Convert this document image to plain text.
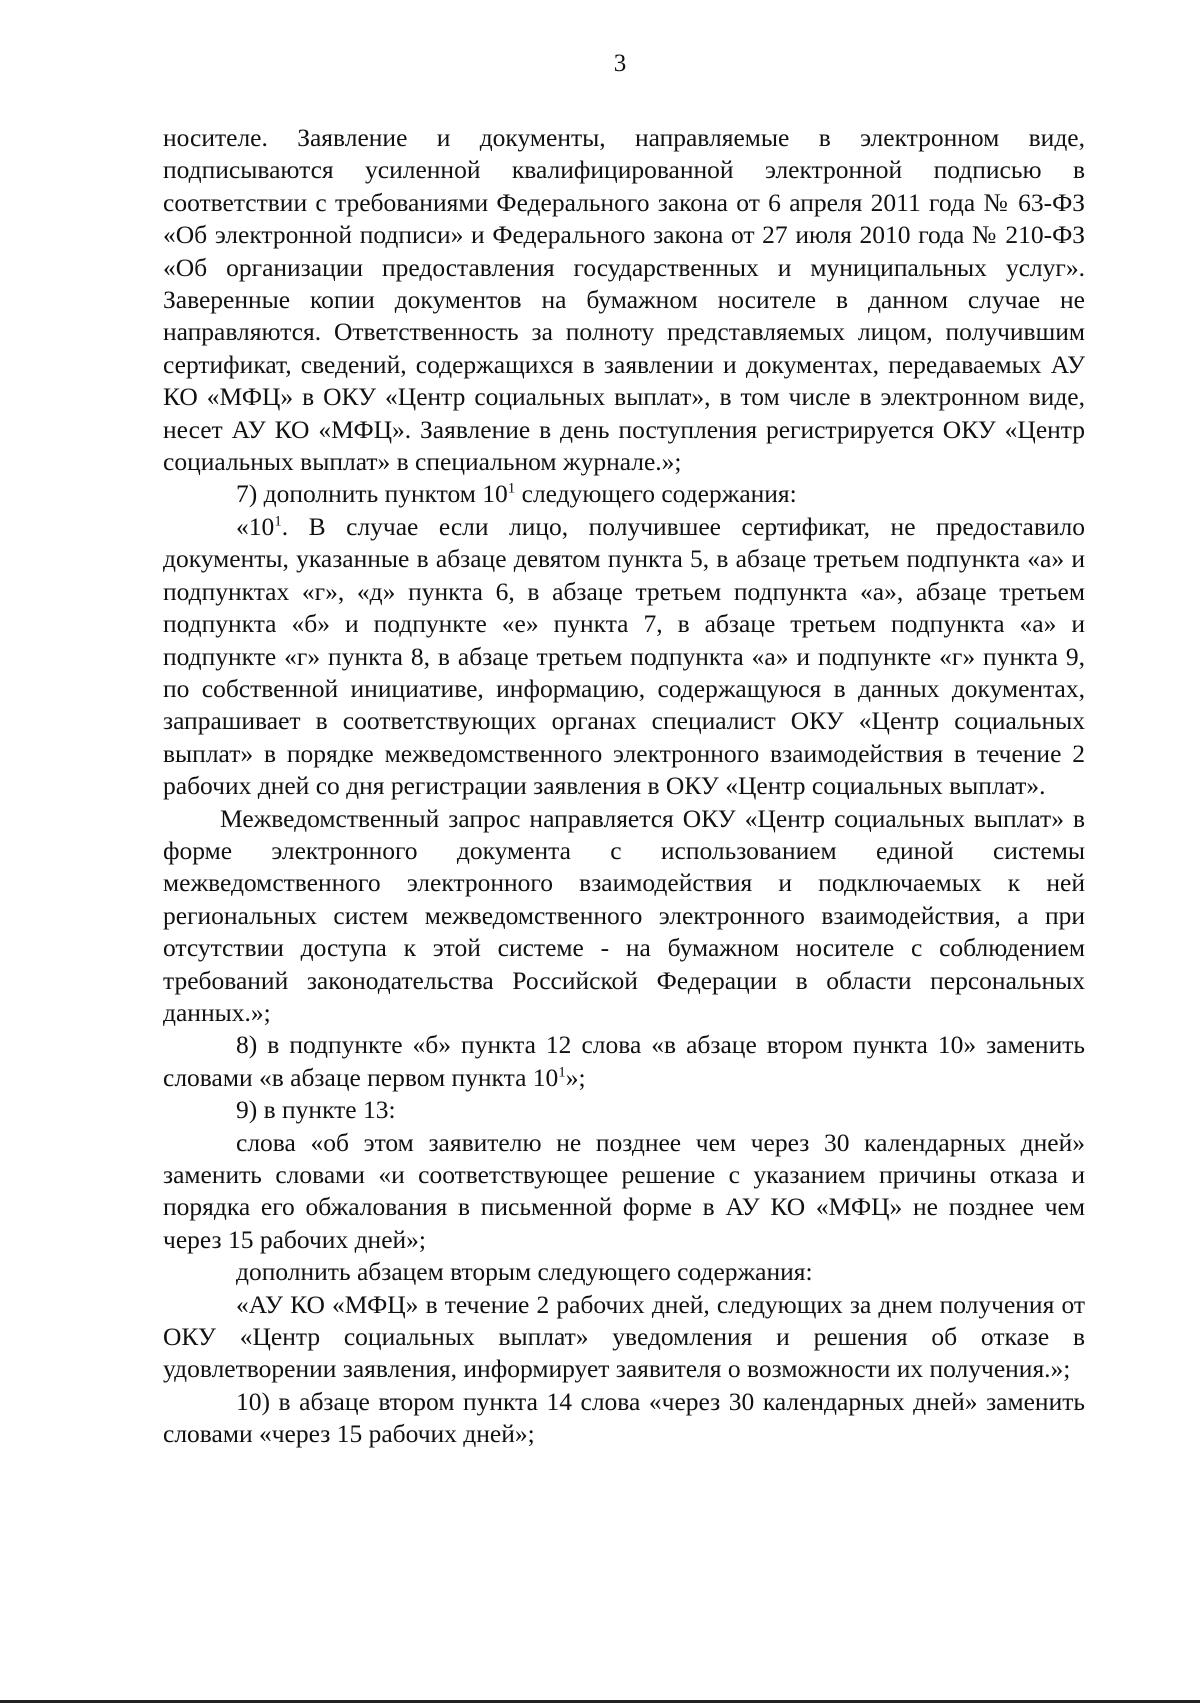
3

носителе. Заявление и документы, направляемые в электронном виде, подписываются усиленной квалифицированной электронной подписью в соответствии с требованиями Федерального закона от 6 апреля 2011 года № 63-ФЗ «Об электронной подписи» и Федерального закона от 27 июля 2010 года № 210-ФЗ «Об организации предоставления государственных и муниципальных услуг». Заверенные копии документов на бумажном носителе в данном случае не направляются. Ответственность за полноту представляемых лицом, получившим сертификат, сведений, содержащихся в заявлении и документах, передаваемых АУ КО «МФЦ» в ОКУ «Центр социальных выплат», в том числе в электронном виде, несет АУ КО «МФЦ». Заявление в день поступления регистрируется ОКУ «Центр социальных выплат» в специальном журнале.»;

7) дополнить пунктом $10^1$ следующего содержания:

«$10^1$. В случае если лицо, получившее сертификат, не предоставило документы, указанные в абзаце девятом пункта 5, в абзаце третьем подпункта «а» и подпунктах «г», «д» пункта 6, в абзаце третьем подпункта «а», абзаце третьем подпункта «б» и подпункте «е» пункта 7, в абзаце третьем подпункта «а» и подпункте «г» пункта 8, в абзаце третьем подпункта «а» и подпункте «г» пункта 9, по собственной инициативе, информацию, содержащуюся в данных документах, запрашивает в соответствующих органах специалист ОКУ «Центр социальных выплат» в порядке межведомственного электронного взаимодействия в течение 2 рабочих дней со дня регистрации заявления в ОКУ «Центр социальных выплат».

Межведомственный запрос направляется ОКУ «Центр социальных выплат» в форме электронного документа с использованием единой системы межведомственного электронного взаимодействия и подключаемых к ней региональных систем межведомственного электронного взаимодействия, а при отсутствии доступа к этой системе - на бумажном носителе с соблюдением требований законодательства Российской Федерации в области персональных данных.»;

8) в подпункте «б» пункта 12 слова «в абзаце втором пункта 10» заменить словами «в абзаце первом пункта $10^1$»;

9) в пункте 13:

слова «об этом заявителю не позднее чем через 30 календарных дней» заменить словами «и соответствующее решение с указанием причины отказа и порядка его обжалования в письменной форме в АУ КО «МФЦ» не позднее чем через 15 рабочих дней»;

дополнить абзацем вторым следующего содержания:

«АУ КО «МФЦ» в течение 2 рабочих дней, следующих за днем получения от ОКУ «Центр социальных выплат» уведомления и решения об отказе в удовлетворении заявления, информирует заявителя о возможности их получения.»;

10) в абзаце втором пункта 14 слова «через 30 календарных дней» заменить словами «через 15 рабочих дней»;
